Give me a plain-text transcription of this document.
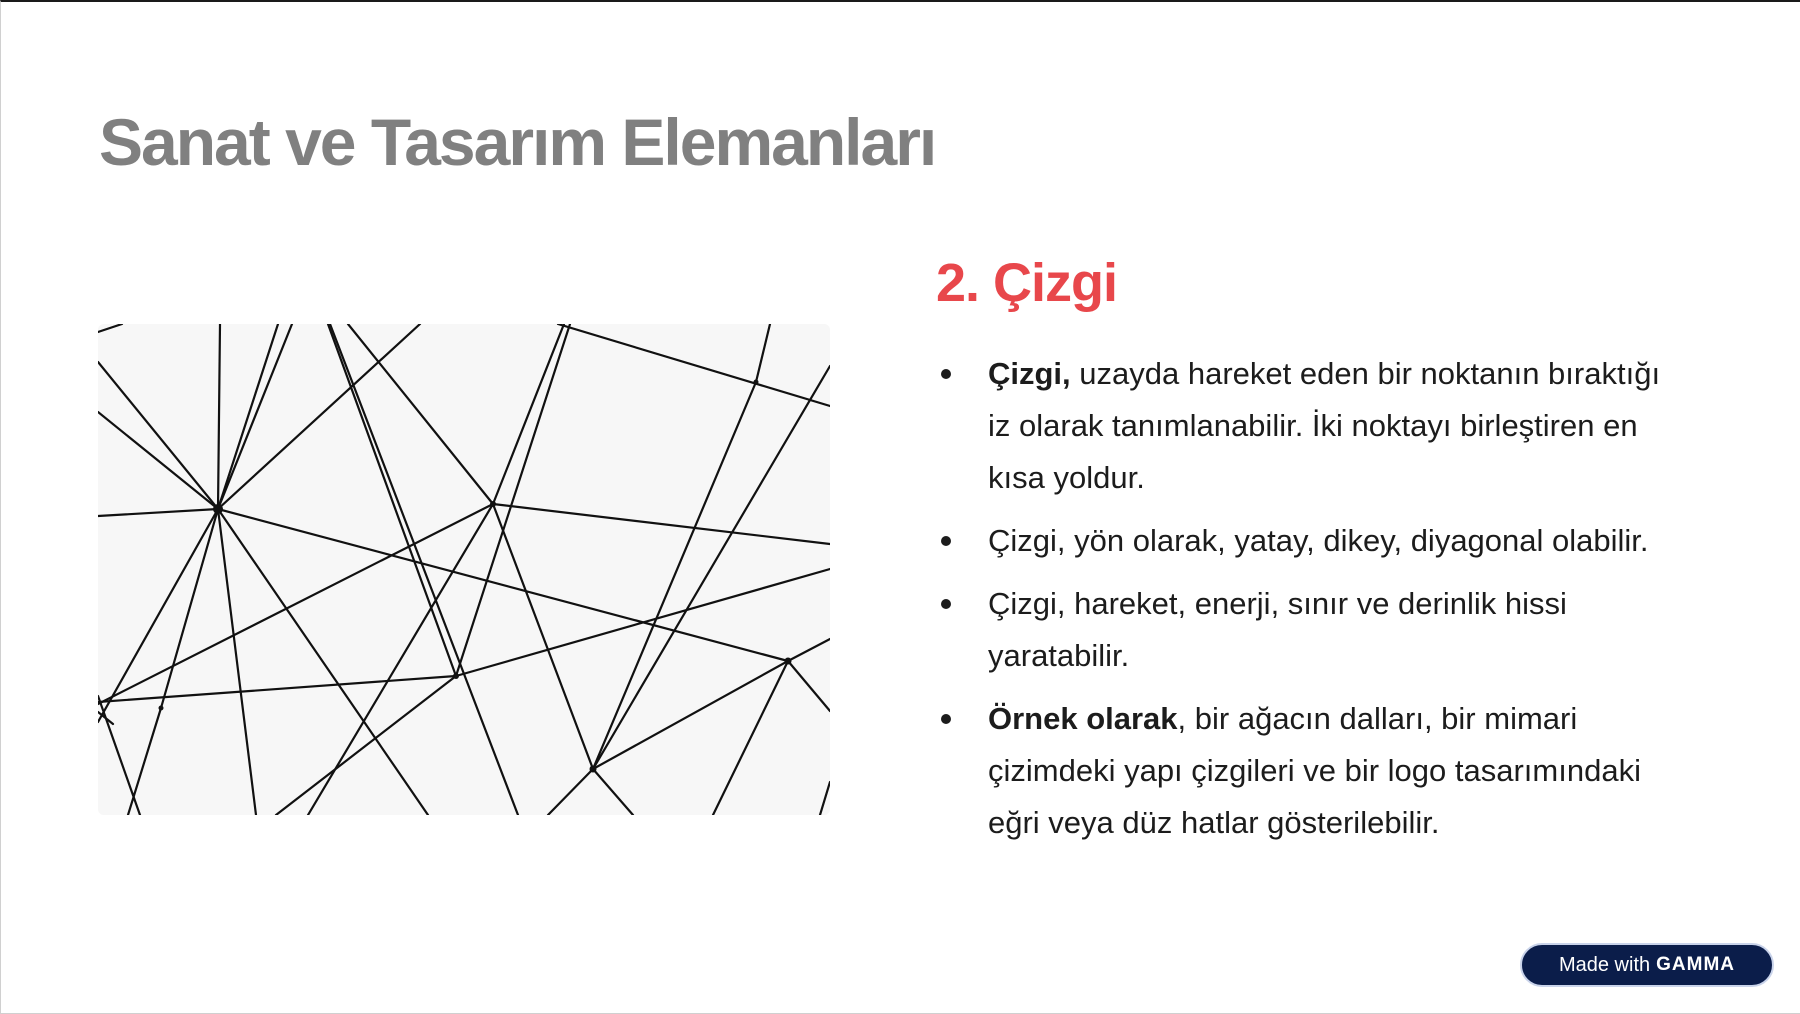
Sanat ve Tasarım Elemanları
2. Çizgi
Çizgi, uzayda hareket eden bir noktanın bıraktığı iz olarak tanımlanabilir. İki noktayı birleştiren en kısa yoldur.
Çizgi, yön olarak, yatay, dikey, diyagonal olabilir.
Çizgi, hareket, enerji, sınır ve derinlik hissi yaratabilir.
Örnek olarak, bir ağacın dalları, bir mimari çizimdeki yapı çizgileri ve bir logo tasarımındaki eğri veya düz hatlar gösterilebilir.
Made with GAMMA
